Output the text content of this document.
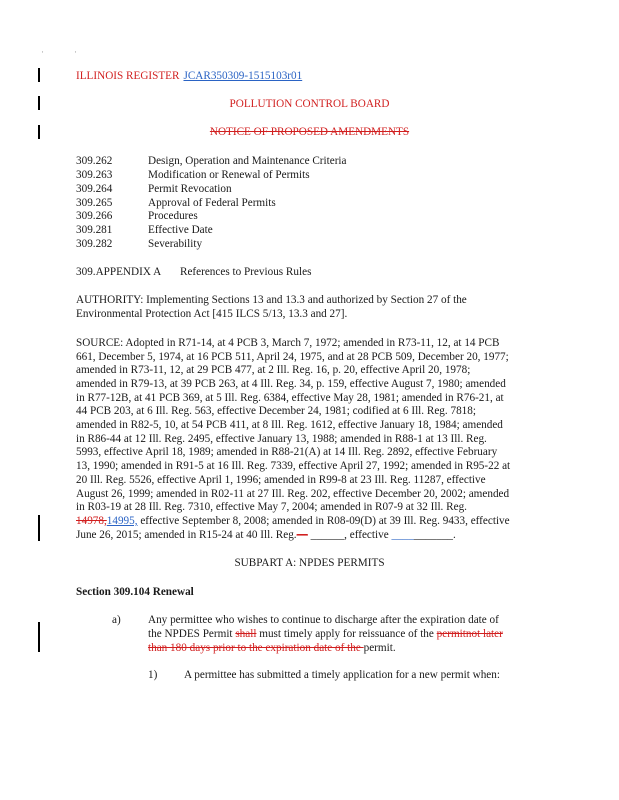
·	·
ILLINOIS REGISTER JCAR350309-1515103r01
POLLUTION CONTROL BOARD
NOTICE OF PROPOSED AMENDMENTS
309.262	Design, Operation and Maintenance Criteria
309.263	Modification or Renewal of Permits
309.264	Permit Revocation
309.265	Approval of Federal Permits
309.266	Procedures
309.281	Effective Date
309.282	Severability
309.APPENDIX A References to Previous Rules
AUTHORITY: Implementing Sections 13 and 13.3 and authorized by Section 27 of the
Environmental Protection Act [415 ILCS 5/13, 13.3 and 27].
SOURCE: Adopted in R71-14, at 4 PCB 3, March 7, 1972; amended in R73-11, 12, at 14 PCB
661, December 5, 1974, at 16 PCB 511, April 24, 1975, and at 28 PCB 509, December 20, 1977;
amended in R73-11, 12, at 29 PCB 477, at 2 Ill. Reg. 16, p. 20, effective April 20, 1978;
amended in R79-13, at 39 PCB 263, at 4 Ill. Reg. 34, p. 159, effective August 7, 1980; amended
in R77-12B, at 41 PCB 369, at 5 Ill. Reg. 6384, effective May 28, 1981; amended in R76-21, at
44 PCB 203, at 6 Ill. Reg. 563, effective December 24, 1981; codified at 6 Ill. Reg. 7818;
amended in R82-5, 10, at 54 PCB 411, at 8 Ill. Reg. 1612, effective January 18, 1984; amended
in R86-44 at 12 Ill. Reg. 2495, effective January 13, 1988; amended in R88-1 at 13 Ill. Reg.
5993, effective April 18, 1989; amended in R88-21(A) at 14 Ill. Reg. 2892, effective February
13, 1990; amended in R91-5 at 16 Ill. Reg. 7339, effective April 27, 1992; amended in R95-22 at
20 Ill. Reg. 5526, effective April 1, 1996; amended in R99-8 at 23 Ill. Reg. 11287, effective
August 26, 1999; amended in R02-11 at 27 Ill. Reg. 202, effective December 20, 2002; amended
in R03-19 at 28 Ill. Reg. 7310, effective May 7, 2004; amended in R07-9 at 32 Ill. Reg.
14978,14995, effective September 8, 2008; amended in R08-09(D) at 39 Ill. Reg. 9433, effective
June 26, 2015; amended in R15-24 at 40 Ill. Reg.— ______, effective ___________.
SUBPART A: NPDES PERMITS
Section 309.104 Renewal
a) Any permittee who wishes to continue to discharge after the expiration date of
the NPDES Permit shall must timely apply for reissuance of the permitnot later
than 180 days prior to the expiration date of the permit.
1) A permittee has submitted a timely application for a new permit when:
